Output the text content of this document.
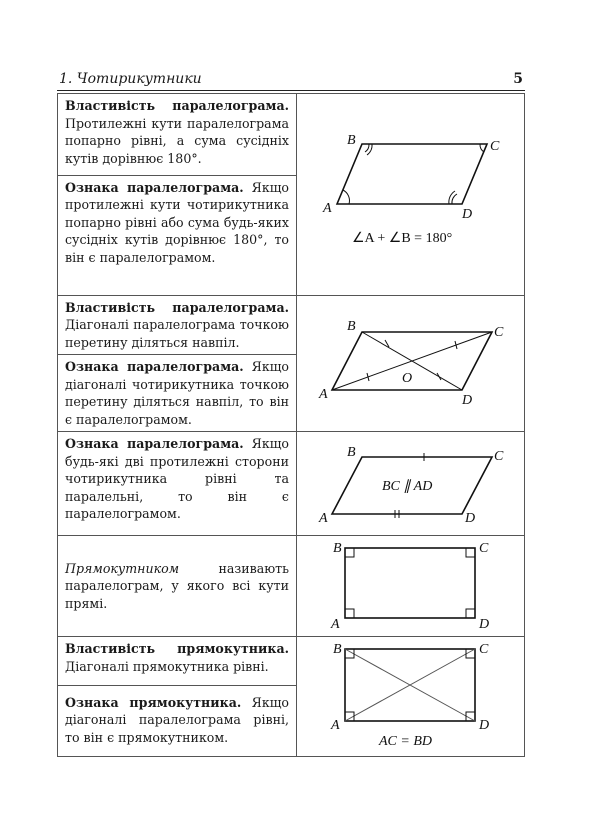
1. Чотирикутники	5
Властивість паралелограма. Протилежні кути паралелограма попарно рівні, а сума сусідніх кутів дорівнює 180°.	B C
A D
∠A + ∠B = 180°

Ознака паралелограма. Якщо протилежні кути чотирикутника попарно рівні або сума будь-яких сусідніх кутів дорівнює 180°, то він є паралелограмом.	
Властивість паралелограма. Діагоналі паралелограма точкою перетину діляться навпіл.	B C
A D
O

Ознака паралелограма. Якщо діагоналі чотирикутника точкою перетину діляться навпіл, то він є паралелограмом.	
Ознака паралелограма. Якщо будь-які дві протилежні сторони чотирикутника рівні та паралельні, то він є паралелограмом.	B C
A D
BC ∥ AD

Прямокутником називають паралелограм, у якого всі кути прямі.	B C
A D

Властивість прямокутника. Діагоналі прямокутника рівні.	B C
A D
AC = BD

Ознака прямокутника. Якщо діагоналі паралелограма рівні, то він є прямокутником.	
